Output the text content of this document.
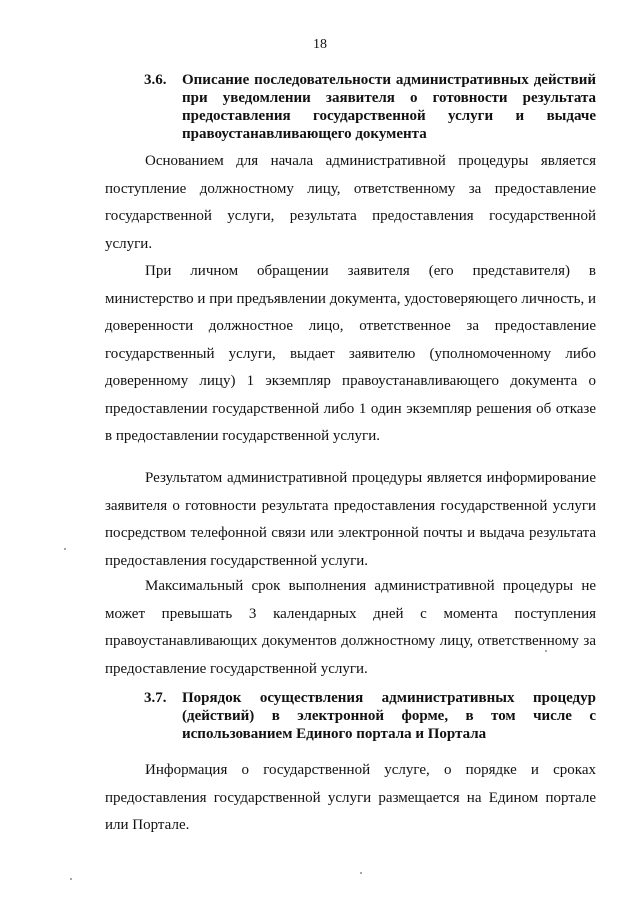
18
3.6. Описание последовательности административных действий при уведомлении заявителя о готовности результата предоставления государственной услуги и выдаче правоустанавливающего документа

Основанием для начала административной процедуры является поступление должностному лицу, ответственному за предоставление государственной услуги, результата предоставления государственной услуги.

При личном обращении заявителя (его представителя) в министерство и при предъявлении документа, удостоверяющего личность, и доверенности должностное лицо, ответственное за предоставление государственный услуги, выдает заявителю (уполномоченному либо доверенному лицу) 1 экземпляр правоустанавливающего документа о предоставлении государственной либо 1 один экземпляр решения об отказе в предоставлении государственной услуги.

Результатом административной процедуры является информирование заявителя о готовности результата предоставления государственной услуги посредством телефонной связи или электронной почты и выдача результата предоставления государственной услуги.

Максимальный срок выполнения административной процедуры не может превышать 3 календарных дней с момента поступления правоустанавливающих документов должностному лицу, ответственному за предоставление государственной услуги.

3.7. Порядок осуществления административных процедур (действий) в электронной форме, в том числе с использованием Единого портала и Портала

Информация о государственной услуге, о порядке и сроках предоставления государственной услуги размещается на Едином портале или Портале.
